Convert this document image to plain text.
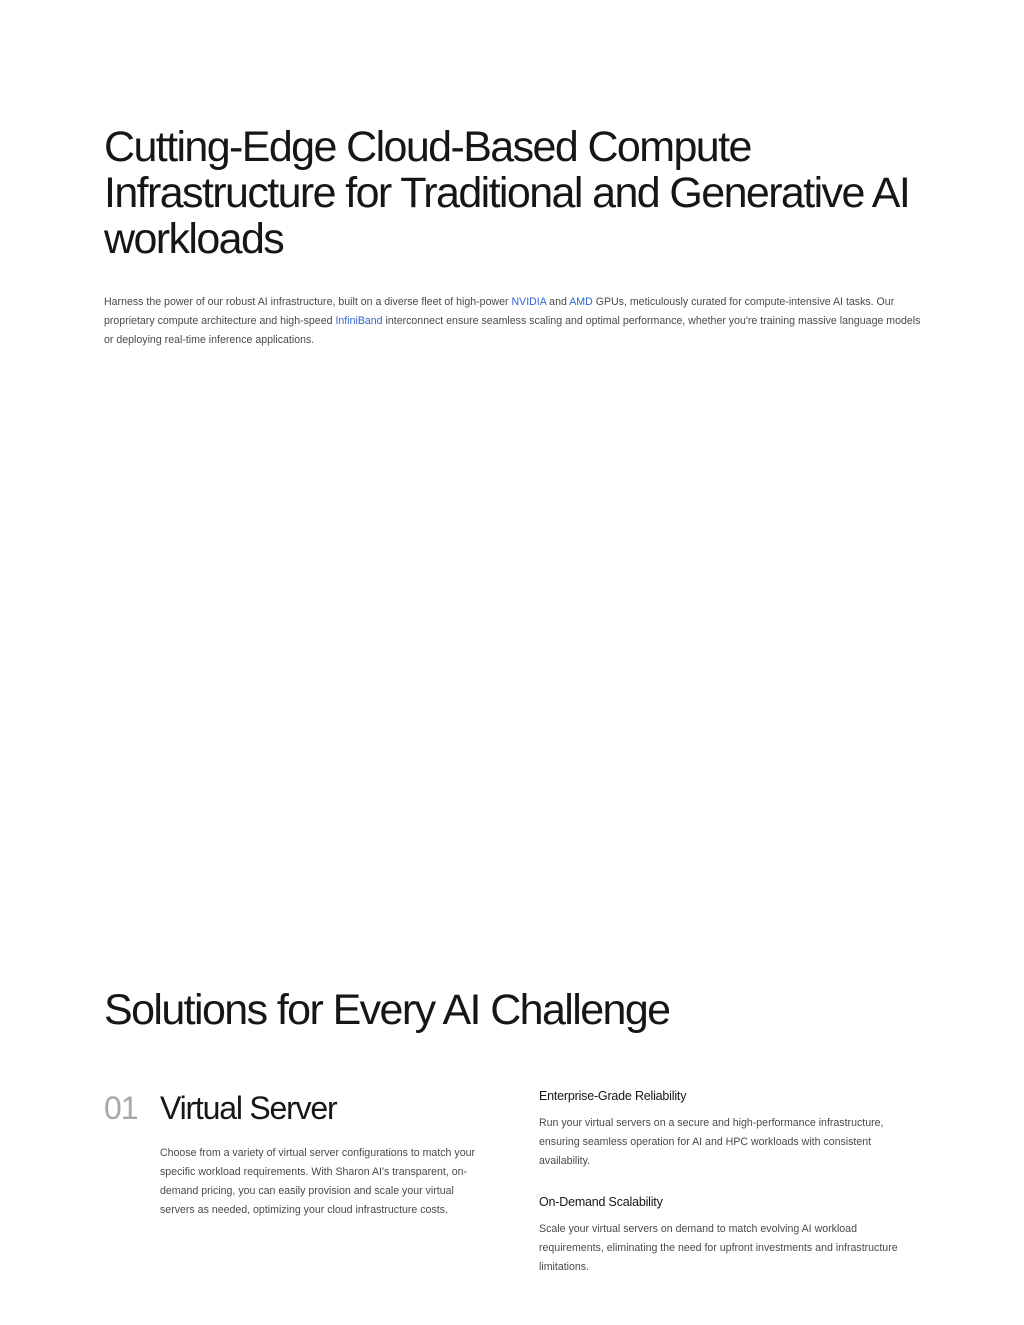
Cutting-Edge Cloud-Based Compute Infrastructure for Traditional and Generative AI workloads

Harness the power of our robust AI infrastructure, built on a diverse fleet of high-power NVIDIA and AMD GPUs, meticulously curated for compute-intensive AI tasks. Our proprietary compute architecture and high-speed InfiniBand interconnect ensure seamless scaling and optimal performance, whether you're training massive language models or deploying real-time inference applications.

Solutions for Every AI Challenge
01 Virtual Server

Choose from a variety of virtual server configurations to match your specific workload requirements. With Sharon AI's transparent, on-demand pricing, you can easily provision and scale your virtual servers as needed, optimizing your cloud infrastructure costs.

Enterprise-Grade Reliability

Run your virtual servers on a secure and high-performance infrastructure, ensuring seamless operation for AI and HPC workloads with consistent availability.

On-Demand Scalability

Scale your virtual servers on demand to match evolving AI workload requirements, eliminating the need for upfront investments and infrastructure limitations.
